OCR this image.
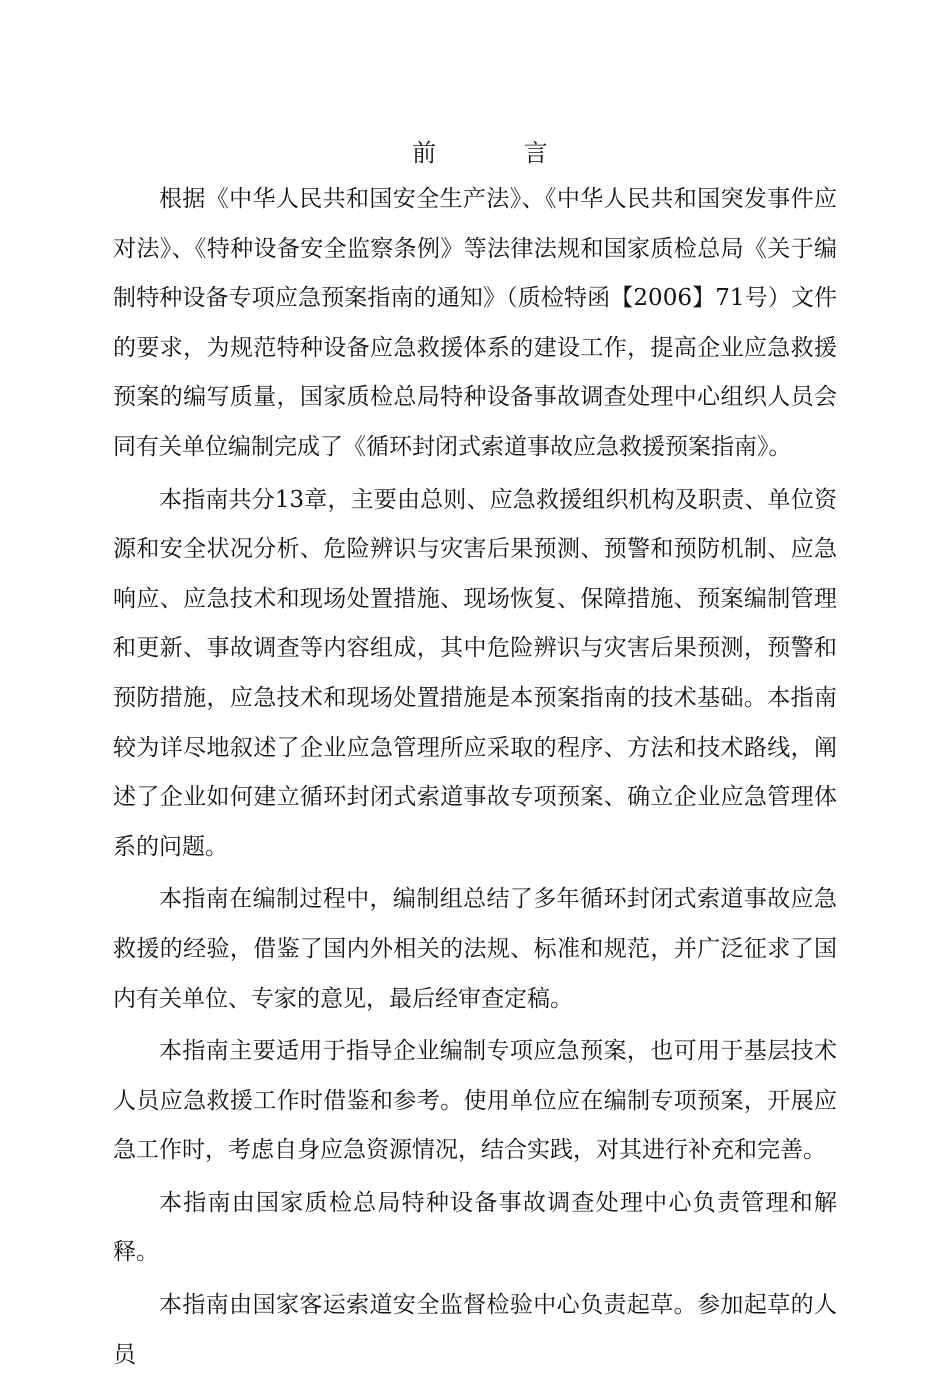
前 言

根据《中华人民共和国安全生产法》、《中华人民共和国突发事件应对法》、《特种设备安全监察条例》等法律法规和国家质检总局《关于编制特种设备专项应急预案指南的通知》（质检特函【2006】71号）文件的要求，为规范特种设备应急救援体系的建设工作，提高企业应急救援预案的编写质量，国家质检总局特种设备事故调查处理中心组织人员会同有关单位编制完成了《循环封闭式索道事故应急救援预案指南》。

本指南共分13章，主要由总则、应急救援组织机构及职责、单位资源和安全状况分析、危险辨识与灾害后果预测、预警和预防机制、应急响应、应急技术和现场处置措施、现场恢复、保障措施、预案编制管理和更新、事故调查等内容组成，其中危险辨识与灾害后果预测，预警和预防措施，应急技术和现场处置措施是本预案指南的技术基础。本指南较为详尽地叙述了企业应急管理所应采取的程序、方法和技术路线，阐述了企业如何建立循环封闭式索道事故专项预案、确立企业应急管理体系的问题。

本指南在编制过程中，编制组总结了多年循环封闭式索道事故应急救援的经验，借鉴了国内外相关的法规、标准和规范，并广泛征求了国内有关单位、专家的意见，最后经审查定稿。

本指南主要适用于指导企业编制专项应急预案，也可用于基层技术人员应急救援工作时借鉴和参考。使用单位应在编制专项预案，开展应急工作时，考虑自身应急资源情况，结合实践，对其进行补充和完善。

本指南由国家质检总局特种设备事故调查处理中心负责管理和解释。

本指南由国家客运索道安全监督检验中心负责起草。参加起草的人员
